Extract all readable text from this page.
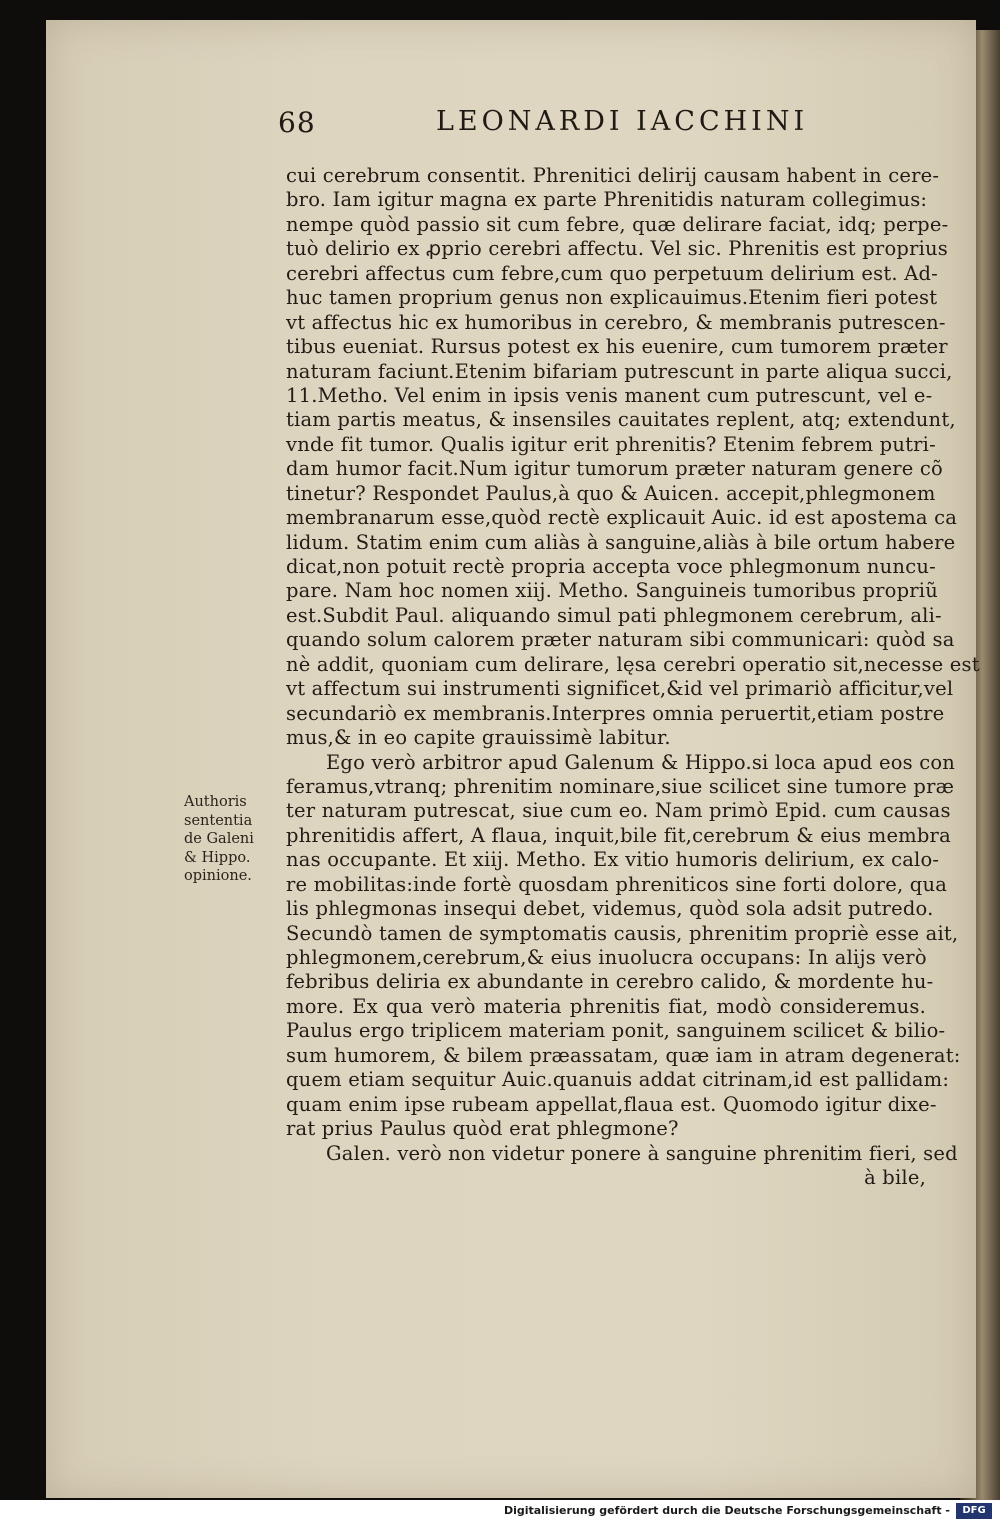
68	LEONARDI IACCHINI
Authoris
sententia
de Galeni
& Hippo.
opinione.
cui cerebrum consentit. Phrenitici delirij causam habent in cere-
bro. Iam igitur magna ex parte Phrenitidis naturam collegimus:
nempe quòd passio sit cum febre, quæ delirare faciat, idq; perpe-
tuò delirio ex ꝓprio cerebri affectu. Vel sic. Phrenitis est proprius
cerebri affectus cum febre,cum quo perpetuum delirium est. Ad-
huc tamen proprium genus non explicauimus.Etenim fieri potest
vt affectus hic ex humoribus in cerebro, & membranis putrescen-
tibus eueniat. Rursus potest ex his euenire, cum tumorem præter
naturam faciunt.Etenim bifariam putrescunt in parte aliqua succi,
11.Metho. Vel enim in ipsis venis manent cum putrescunt, vel e-
tiam partis meatus, & insensiles cauitates replent, atq; extendunt,
vnde fit tumor. Qualis igitur erit phrenitis? Etenim febrem putri-
dam humor facit.Num igitur tumorum præter naturam genere cõ
tinetur? Respondet Paulus,à quo & Auicen. accepit,phlegmonem
membranarum esse,quòd rectè explicauit Auic. id est apostema ca
lidum. Statim enim cum aliàs à sanguine,aliàs à bile ortum habere
dicat,non potuit rectè propria accepta voce phlegmonum nuncu-
pare. Nam hoc nomen xiij. Metho. Sanguineis tumoribus propriũ
est.Subdit Paul. aliquando simul pati phlegmonem cerebrum, ali-
quando solum calorem præter naturam sibi communicari: quòd sa
nè addit, quoniam cum delirare, lęsa cerebri operatio sit,necesse est
vt affectum sui instrumenti significet,&id vel primariò afficitur,vel
secundariò ex membranis.Interpres omnia peruertit,etiam postre
mus,& in eo capite grauissimè labitur.
Ego verò arbitror apud Galenum & Hippo.si loca apud eos con
feramus,vtranq; phrenitim nominare,siue scilicet sine tumore præ
ter naturam putrescat, siue cum eo. Nam primò Epid. cum causas
phrenitidis affert, A flaua, inquit,bile fit,cerebrum & eius membra
nas occupante. Et xiij. Metho. Ex vitio humoris delirium, ex calo-
re mobilitas:inde fortè quosdam phreniticos sine forti dolore, qua
lis phlegmonas insequi debet, videmus, quòd sola adsit putredo.
Secundò tamen de symptomatis causis, phrenitim propriè esse ait,
phlegmonem,cerebrum,& eius inuolucra occupans: In alijs verò
febribus deliria ex abundante in cerebro calido, & mordente hu-
more. Ex qua verò materia phrenitis fiat, modò consideremus.
Paulus ergo triplicem materiam ponit, sanguinem scilicet & bilio-
sum humorem, & bilem præassatam, quæ iam in atram degenerat:
quem etiam sequitur Auic.quanuis addat citrinam,id est pallidam:
quam enim ipse rubeam appellat,flaua est. Quomodo igitur dixe-
rat prius Paulus quòd erat phlegmone?
Galen. verò non videtur ponere à sanguine phrenitim fieri, sed
à bile,
Digitalisierung gefördert durch die Deutsche Forschungsgemeinschaft -	DFG
